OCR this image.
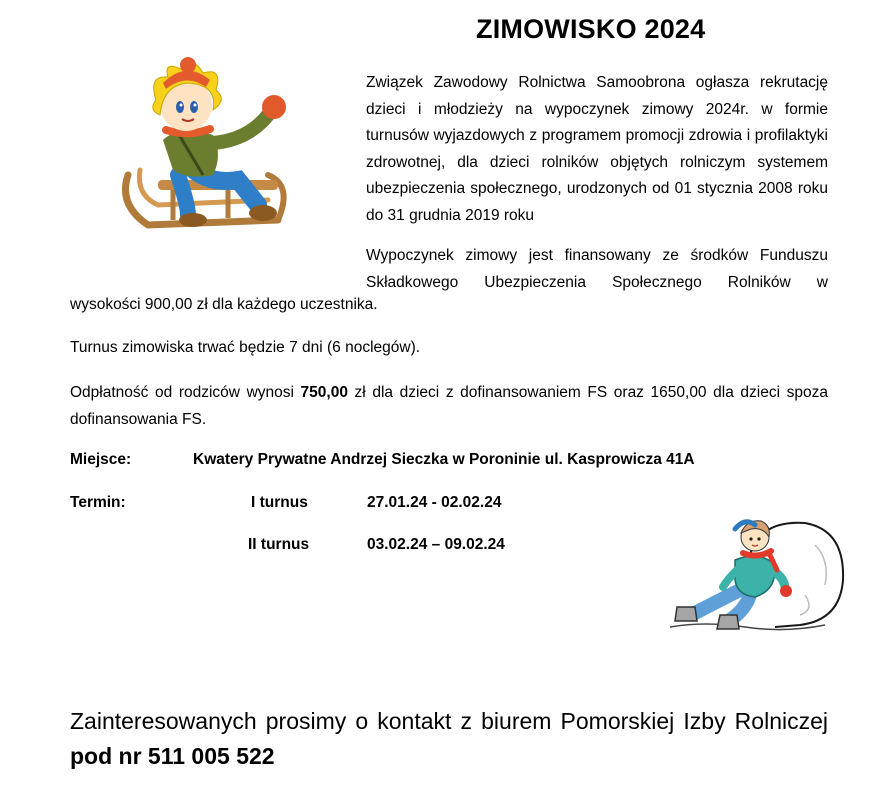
ZIMOWISKO 2024
Związek Zawodowy Rolnictwa Samoobrona ogłasza rekrutację dzieci i młodzieży na wypoczynek zimowy 2024r. w formie turnusów wyjazdowych z programem promocji zdrowia i profilaktyki zdrowotnej, dla dzieci rolników objętych rolniczym systemem ubezpieczenia społecznego, urodzonych od 01 stycznia 2008 roku do 31 grudnia 2019 roku
Wypoczynek zimowy jest finansowany ze środków Funduszu Składkowego Ubezpieczenia Społecznego Rolników w
wysokości 900,00 zł dla każdego uczestnika.
Turnus zimowiska trwać będzie 7 dni (6 noclegów).
Odpłatność od rodziców wynosi 750,00 zł dla dzieci z dofinansowaniem FS oraz 1650,00 dla dzieci spoza dofinansowania FS.
Miejsce:	Kwatery Prywatne Andrzej Sieczka w Poroninie ul. Kasprowicza 41A
Termin:	I turnus	27.01.24 - 02.02.24
II turnus	03.02.24 – 09.02.24
Zainteresowanych prosimy o kontakt z biurem Pomorskiej Izby Rolniczej pod nr 511 005 522
